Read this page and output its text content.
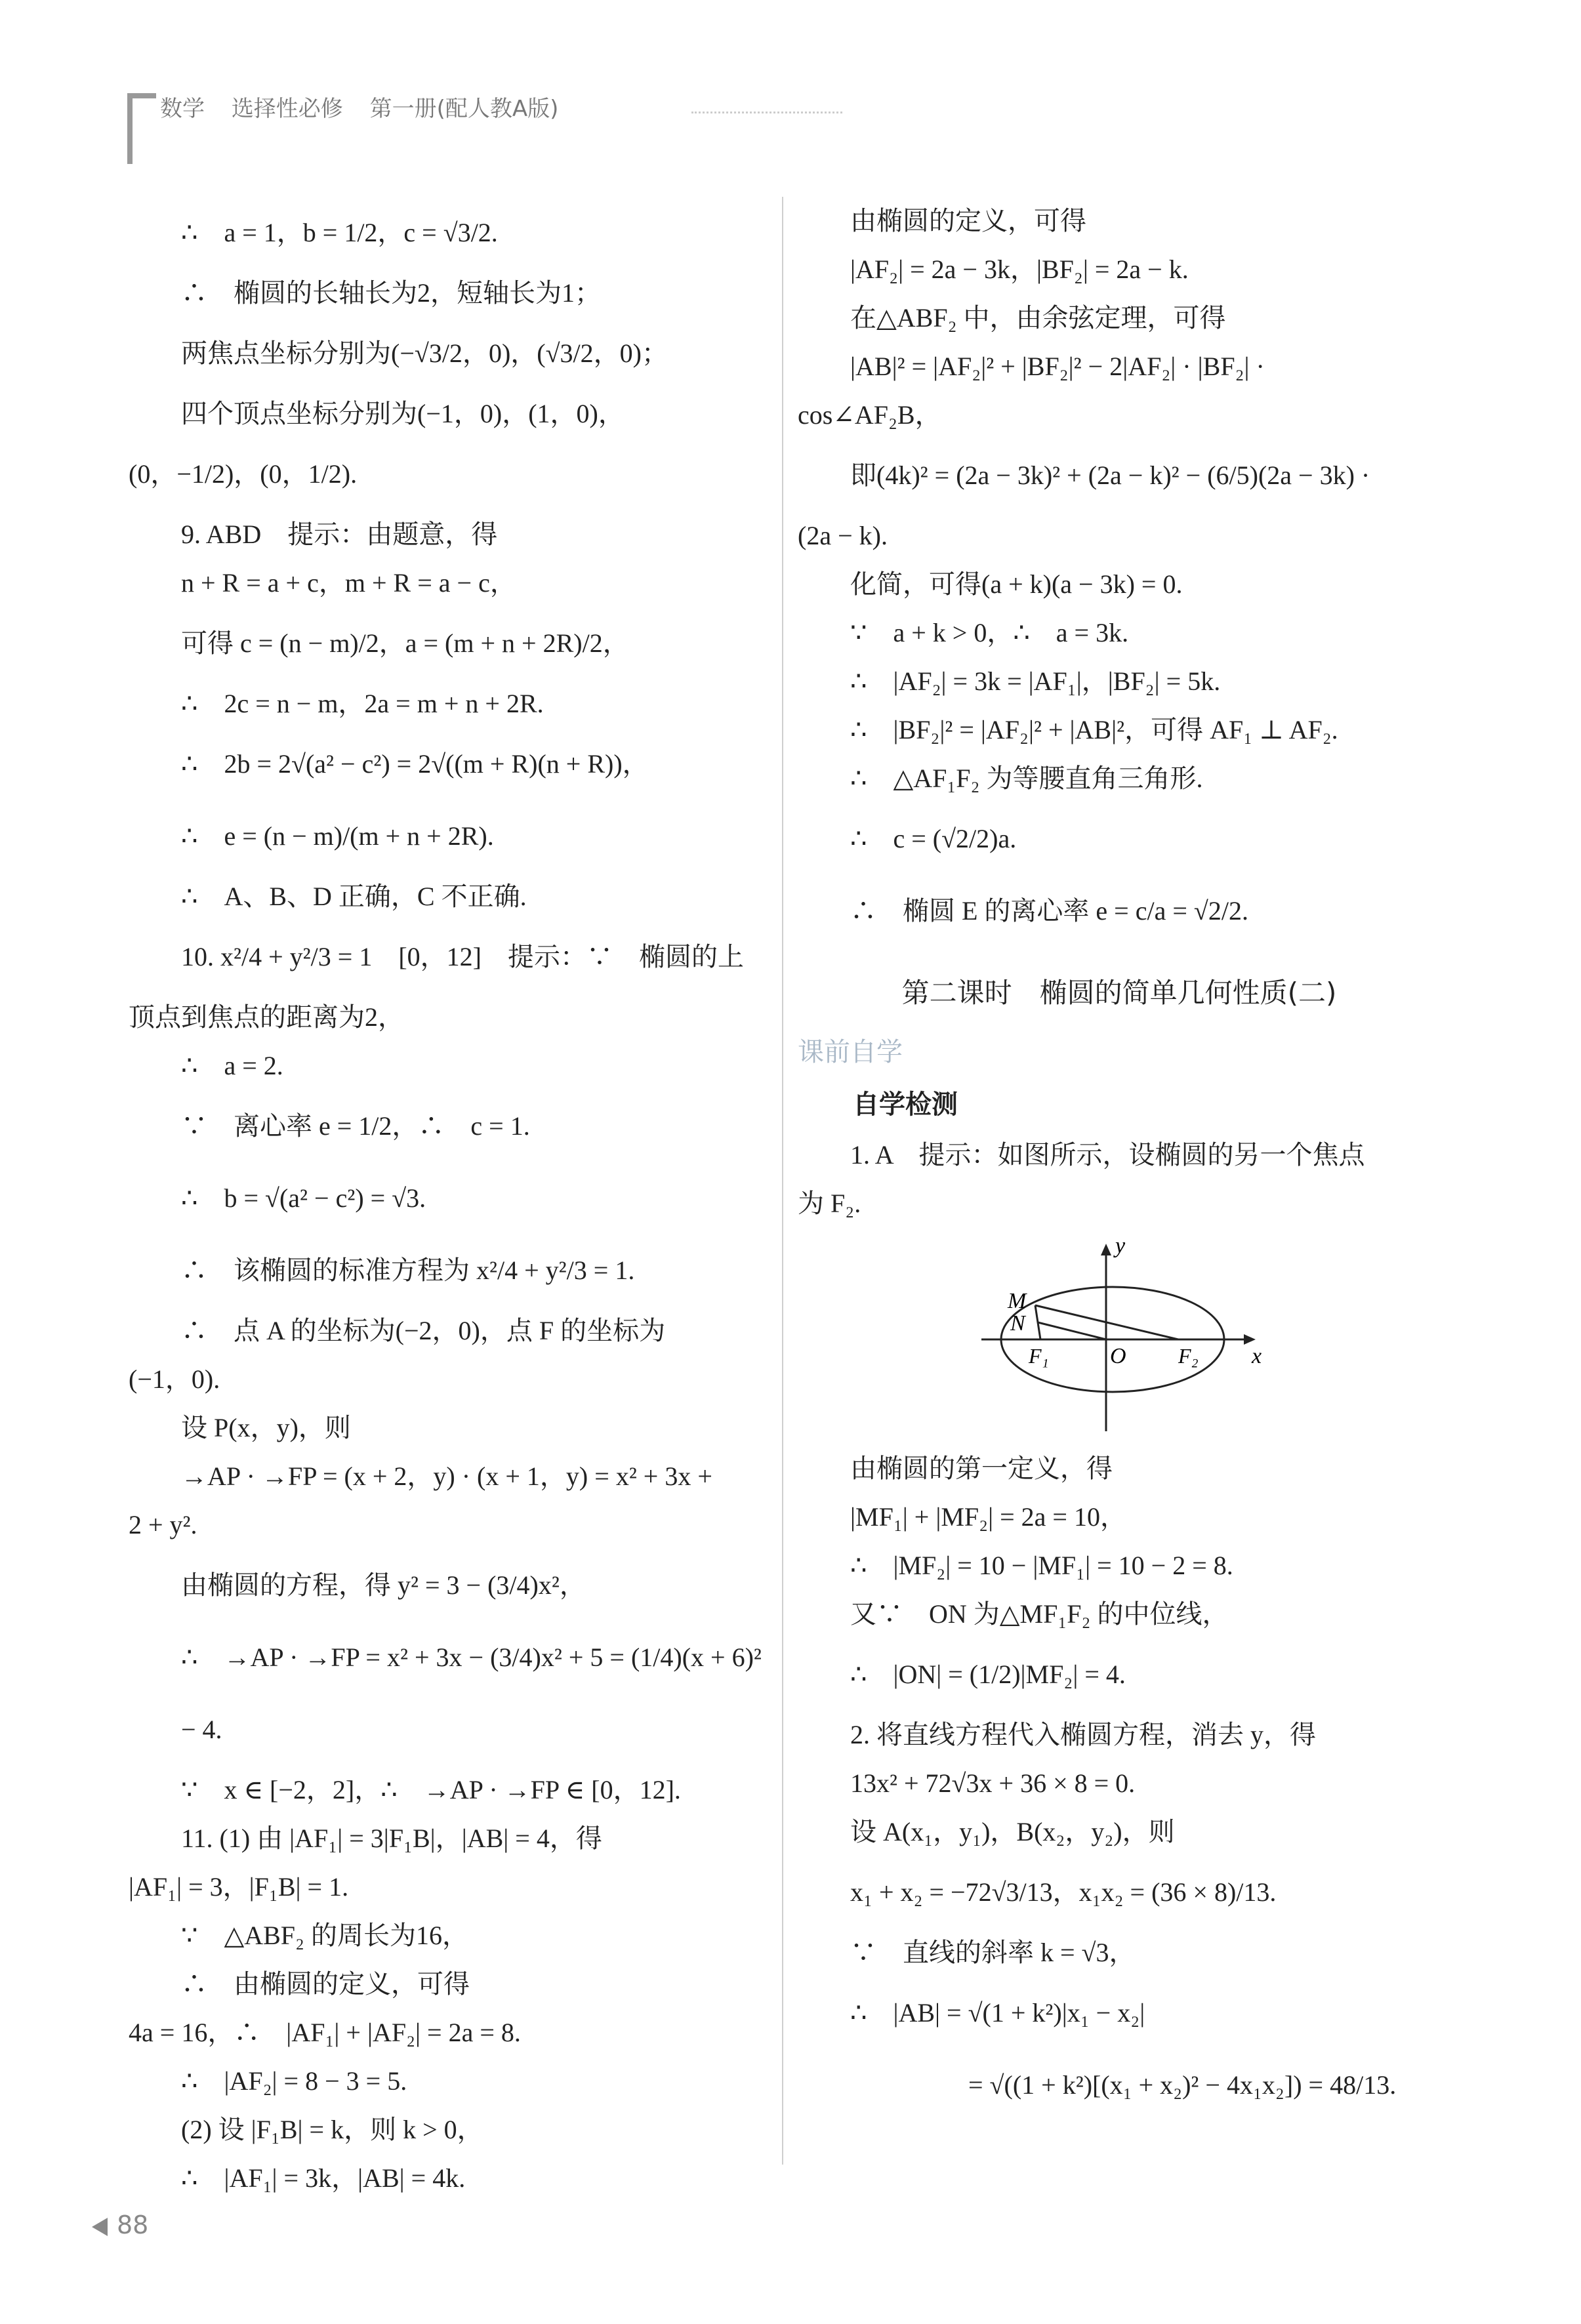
数学 选择性必修 第一册(配人教A版)
∴　a = 1，b = 1/2，c = √3/2.
∴　椭圆的长轴长为2，短轴长为1；
两焦点坐标分别为(−√3/2，0)，(√3/2，0)；
四个顶点坐标分别为(−1，0)，(1，0)，
(0，−1/2)，(0，1/2).
9. ABD　提示：由题意，得
n + R = a + c，m + R = a − c，
可得 c = (n − m)/2，a = (m + n + 2R)/2，
∴　2c = n − m，2a = m + n + 2R.
∴　2b = 2√(a² − c²) = 2√((m + R)(n + R))，
∴　e = (n − m)/(m + n + 2R).
∴　A、B、D 正确，C 不正确.
10. x²/4 + y²/3 = 1　[0，12]　提示：∵　椭圆的上
顶点到焦点的距离为2，
∴　a = 2.
∵　离心率 e = 1/2，∴　c = 1.
∴　b = √(a² − c²) = √3.
∴　该椭圆的标准方程为 x²/4 + y²/3 = 1.
∴　点 A 的坐标为(−2，0)，点 F 的坐标为
(−1，0).
设 P(x，y)，则
→AP · →FP = (x + 2，y) · (x + 1，y) = x² + 3x +
2 + y².
由椭圆的方程，得 y² = 3 − (3/4)x²，
∴　→AP · →FP = x² + 3x − (3/4)x² + 5 = (1/4)(x + 6)² − 4.
∵　x ∈ [−2，2]，∴　→AP · →FP ∈ [0，12].
11. (1) 由 |AF₁| = 3|F₁B|，|AB| = 4，得
|AF₁| = 3，|F₁B| = 1.
∵　△ABF₂ 的周长为16，
∴　由椭圆的定义，可得
4a = 16，∴　|AF₁| + |AF₂| = 2a = 8.
∴　|AF₂| = 8 − 3 = 5.
(2) 设 |F₁B| = k，则 k > 0，
∴　|AF₁| = 3k，|AB| = 4k.
由椭圆的定义，可得
|AF₂| = 2a − 3k，|BF₂| = 2a − k.
在△ABF₂ 中，由余弦定理，可得
|AB|² = |AF₂|² + |BF₂|² − 2|AF₂| · |BF₂| ·
cos∠AF₂B，
即(4k)² = (2a − 3k)² + (2a − k)² − (6/5)(2a − 3k) ·
(2a − k).
化简，可得(a + k)(a − 3k) = 0.
∵　a + k > 0，∴　a = 3k.
∴　|AF₂| = 3k = |AF₁|，|BF₂| = 5k.
∴　|BF₂|² = |AF₂|² + |AB|²，可得 AF₁ ⊥ AF₂.
∴　△AF₁F₂ 为等腰直角三角形.
∴　c = (√2/2)a.
∴　椭圆 E 的离心率 e = c/a = √2/2.
第二课时　椭圆的简单几何性质(二)
课前自学
自学检测
1. A　提示：如图所示，设椭圆的另一个焦点
为 F₂.
y
x
M
N
F₁	O F₂
由椭圆的第一定义，得
|MF₁| + |MF₂| = 2a = 10，
∴　|MF₂| = 10 − |MF₁| = 10 − 2 = 8.
又∵　ON 为△MF₁F₂ 的中位线，
∴　|ON| = (1/2)|MF₂| = 4.
2. 将直线方程代入椭圆方程，消去 y，得
13x² + 72√3x + 36 × 8 = 0.
设 A(x₁，y₁)，B(x₂，y₂)，则
x₁ + x₂ = −72√3/13，x₁x₂ = (36 × 8)/13.
∵　直线的斜率 k = √3，
∴　|AB| = √(1 + k²)|x₁ − x₂|
= √((1 + k²)[(x₁ + x₂)² − 4x₁x₂]) = 48/13.
88
